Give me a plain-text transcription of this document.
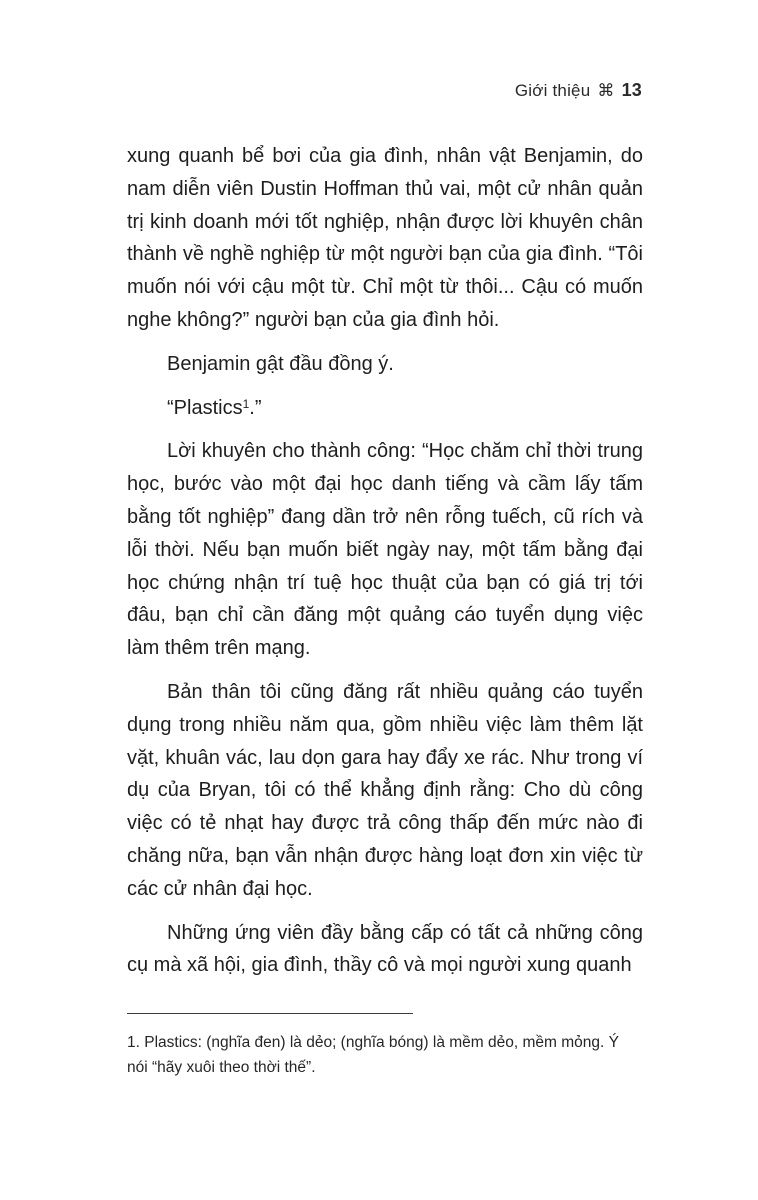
Giới thiệu ⌘ 13

xung quanh bể bơi của gia đình, nhân vật Benjamin, do nam diễn viên Dustin Hoffman thủ vai, một cử nhân quản trị kinh doanh mới tốt nghiệp, nhận được lời khuyên chân thành về nghề nghiệp từ một người bạn của gia đình. “Tôi muốn nói với cậu một từ. Chỉ một từ thôi... Cậu có muốn nghe không?” người bạn của gia đình hỏi.

Benjamin gật đầu đồng ý.

“Plastics$^1$.”

Lời khuyên cho thành công: “Học chăm chỉ thời trung học, bước vào một đại học danh tiếng và cầm lấy tấm bằng tốt nghiệp” đang dần trở nên rỗng tuếch, cũ rích và lỗi thời. Nếu bạn muốn biết ngày nay, một tấm bằng đại học chứng nhận trí tuệ học thuật của bạn có giá trị tới đâu, bạn chỉ cần đăng một quảng cáo tuyển dụng việc làm thêm trên mạng.

Bản thân tôi cũng đăng rất nhiều quảng cáo tuyển dụng trong nhiều năm qua, gồm nhiều việc làm thêm lặt vặt, khuân vác, lau dọn gara hay đẩy xe rác. Như trong ví dụ của Bryan, tôi có thể khẳng định rằng: Cho dù công việc có tẻ nhạt hay được trả công thấp đến mức nào đi chăng nữa, bạn vẫn nhận được hàng loạt đơn xin việc từ các cử nhân đại học.

Những ứng viên đầy bằng cấp có tất cả những công cụ mà xã hội, gia đình, thầy cô và mọi người xung quanh

1. Plastics: (nghĩa đen) là dẻo; (nghĩa bóng) là mềm dẻo, mềm mỏng. Ý nói “hãy xuôi theo thời thế”.
